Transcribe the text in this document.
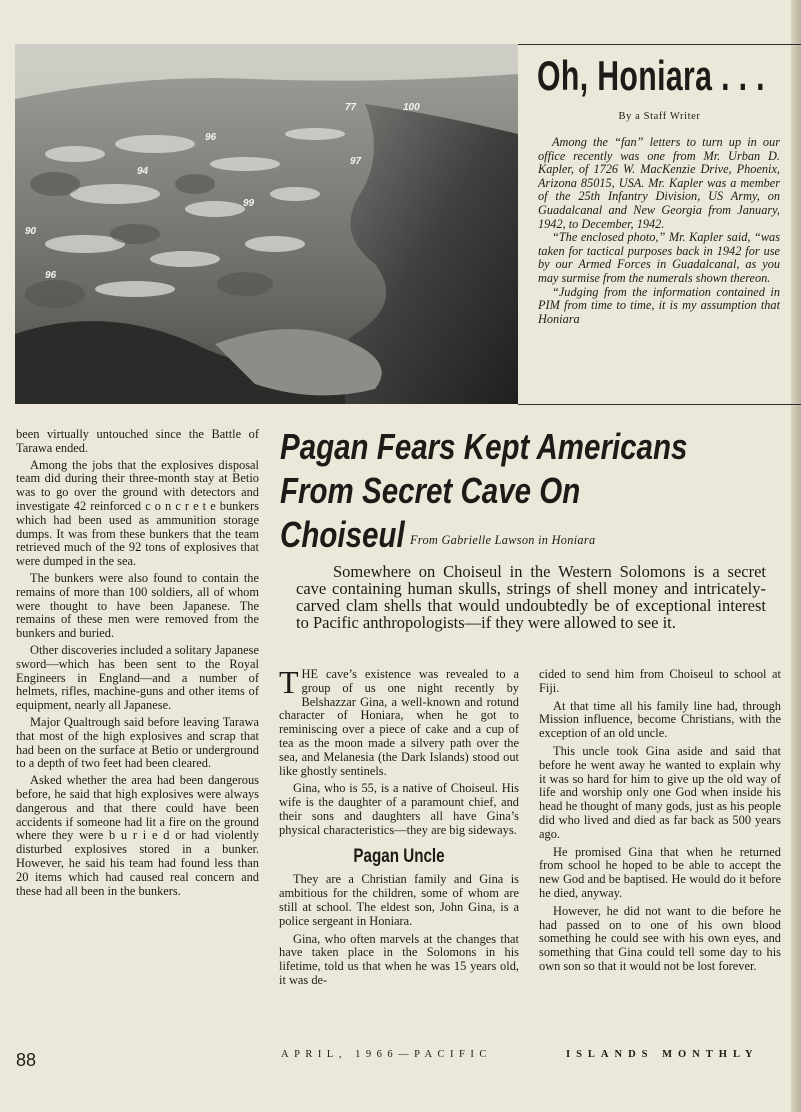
77	100
96
97
94
99
90
96
Oh, Honiara . . .
By a Staff Writer

Among the “fan” letters to turn up in our office recently was one from Mr. Urban D. Kapler, of 1726 W. MacKenzie Drive, Phoenix, Arizona 85015, USA. Mr. Kapler was a member of the 25th Infantry Division, US Army, on Guadalcanal and New Georgia from January, 1942, to December, 1942.

“The enclosed photo,” Mr. Kapler said, “was taken for tactical purposes back in 1942 for use by our Armed Forces in Guadalcanal, as you may surmise from the numerals shown thereon.

“Judging from the information contained in PIM from time to time, it is my assumption that Honiara

been virtually untouched since the Battle of Tarawa ended.

Among the jobs that the explosives disposal team did during their three-month stay at Betio was to go over the ground with detectors and investigate 42 reinforced c o n c r e t e bunkers which had been used as ammunition storage dumps. It was from these bunkers that the team retrieved much of the 92 tons of explosives that were dumped in the sea.

The bunkers were also found to contain the remains of more than 100 soldiers, all of whom were thought to have been Japanese. The remains of these men were removed from the bunkers and buried.

Other discoveries included a solitary Japanese sword—which has been sent to the Royal Engineers in England—and a number of helmets, rifles, machine-guns and other items of equipment, nearly all Japanese.

Major Qualtrough said before leaving Tarawa that most of the high explosives and scrap that had been on the surface at Betio or underground to a depth of two feet had been cleared.

Asked whether the area had been dangerous before, he said that high explosives were always dangerous and that there could have been accidents if someone had lit a fire on the ground where they were b u r i e d or had violently disturbed explosives stored in a bunker. However, he said his team had found less than 20 items which had caused real concern and these had all been in the bunkers.

Pagan Fears Kept Americans
From Secret Cave On Choiseul From Gabrielle Lawson in Honiara

Somewhere on Choiseul in the Western Solomons is a secret cave containing human skulls, strings of shell money and intricately-carved clam shells that would undoubtedly be of exceptional interest to Pacific anthropologists—if they were allowed to see it.

THE cave’s existence was revealed to a group of us one night recently by Belshazzar Gina, a well-known and rotund character of Honiara, when he got to reminiscing over a piece of cake and a cup of tea as the moon made a silvery path over the sea, and Melanesia (the Dark Islands) stood out like ghostly sentinels.

Gina, who is 55, is a native of Choiseul. His wife is the daughter of a paramount chief, and their sons and daughters all have Gina’s physical characteristics—they are big sideways.

Pagan Uncle

They are a Christian family and Gina is ambitious for the children, some of whom are still at school. The eldest son, John Gina, is a police sergeant in Honiara.

Gina, who often marvels at the changes that have taken place in the Solomons in his lifetime, told us that when he was 15 years old, it was de-

cided to send him from Choiseul to school at Fiji.

At that time all his family line had, through Mission influence, become Christians, with the exception of an old uncle.

This uncle took Gina aside and said that before he went away he wanted to explain why it was so hard for him to give up the old way of life and worship only one God when inside his head he thought of many gods, just as his people did who lived and died as far back as 500 years ago.

He promised Gina that when he returned from school he hoped to be able to accept the new God and be baptised. He would do it before he died, anyway.

However, he did not want to die before he had passed on to one of his own blood something he could see with his own eyes, and something that Gina could tell some day to his own son so that it would not be lost forever.

88	APRIL, 1966—PACIFIC	ISLANDS MONTHLY
